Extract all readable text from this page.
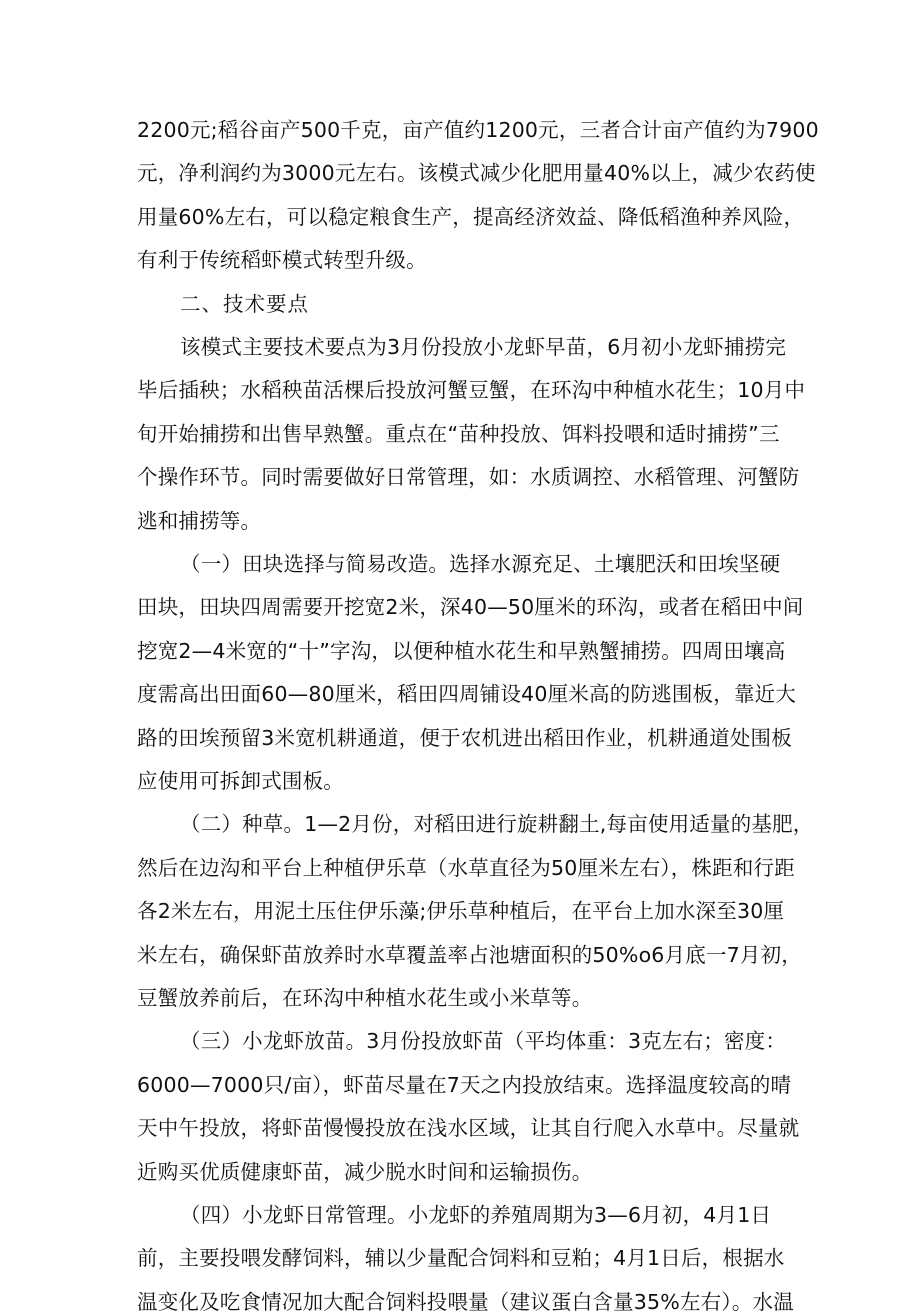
2200元;稻谷亩产500千克，亩产值约1200元，三者合计亩产值约为7900
元，净利润约为3000元左右。该模式减少化肥用量40%以上，减少农药使
用量60%左右，可以稳定粮食生产，提高经济效益、降低稻渔种养风险，
有利于传统稻虾模式转型升级。
二、技术要点
该模式主要技术要点为3月份投放小龙虾早苗，6月初小龙虾捕捞完
毕后插秧；水稻秧苗活棵后投放河蟹豆蟹，在环沟中种植水花生；10月中
旬开始捕捞和出售早熟蟹。重点在“苗种投放、饵料投喂和适时捕捞”三
个操作环节。同时需要做好日常管理，如：水质调控、水稻管理、河蟹防
逃和捕捞等。
（一）田块选择与简易改造。选择水源充足、土壤肥沃和田埃坚硬
田块，田块四周需要开挖宽2米，深40—50厘米的环沟，或者在稻田中间
挖宽2—4米宽的“十”字沟，以便种植水花生和早熟蟹捕捞。四周田壤高
度需高出田面60—80厘米，稻田四周铺设40厘米高的防逃围板，靠近大
路的田埃预留3米宽机耕通道，便于农机进出稻田作业，机耕通道处围板
应使用可拆卸式围板。
（二）种草。1—2月份，对稻田进行旋耕翻土,每亩使用适量的基肥，
然后在边沟和平台上种植伊乐草（水草直径为50厘米左右），株距和行距
各2米左右，用泥土压住伊乐藻;伊乐草种植后，在平台上加水深至30厘
米左右，确保虾苗放养时水草覆盖率占池塘面积的50%o6月底一7月初，
豆蟹放养前后，在环沟中种植水花生或小米草等。
（三）小龙虾放苗。3月份投放虾苗（平均体重：3克左右；密度：
6000—7000只/亩），虾苗尽量在7天之内投放结束。选择温度较高的晴
天中午投放，将虾苗慢慢投放在浅水区域，让其自行爬入水草中。尽量就
近购买优质健康虾苗，减少脱水时间和运输损伤。
（四）小龙虾日常管理。小龙虾的养殖周期为3—6月初，4月1日
前，主要投喂发酵饲料，辅以少量配合饲料和豆粕；4月1日后，根据水
温变化及吃食情况加大配合饲料投喂量（建议蛋白含量35%左右）。水温
